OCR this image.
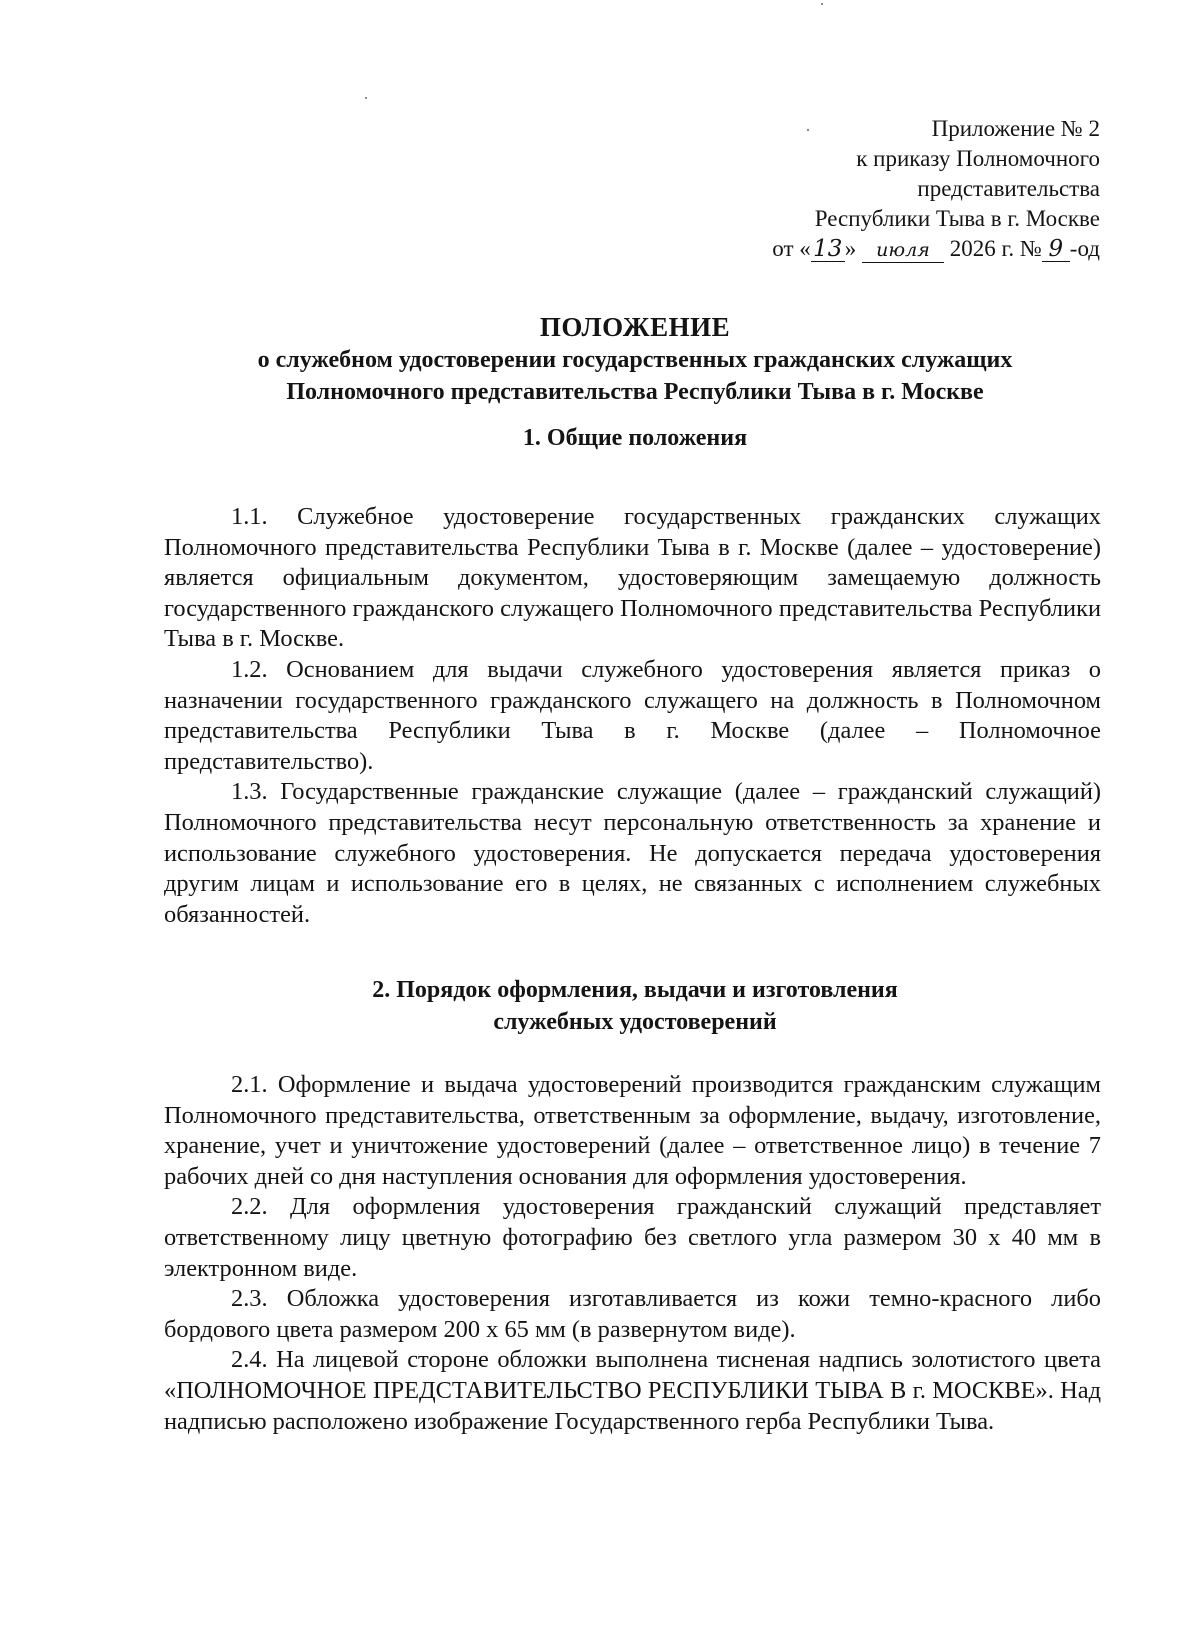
Приложение № 2
к приказу Полномочного
представительства
Республики Тыва в г. Москве
от « 13 » июля 2026 г. № 9 -од
ПОЛОЖЕНИЕ
о служебном удостоверении государственных гражданских служащих
Полномочного представительства Республики Тыва в г. Москве
1. Общие положения

1.1. Служебное удостоверение государственных гражданских служащих Полномочного представительства Республики Тыва в г. Москве (далее – удостоверение) является официальным документом, удостоверяющим замещаемую должность государственного гражданского служащего Полномочного представительства Республики Тыва в г. Москве.

1.2. Основанием для выдачи служебного удостоверения является приказ о назначении государственного гражданского служащего на должность в Полномочном представительства Республики Тыва в г. Москве (далее – Полномочное представительство).

1.3. Государственные гражданские служащие (далее – гражданский служащий) Полномочного представительства несут персональную ответственность за хранение и использование служебного удостоверения. Не допускается передача удостоверения другим лицам и использование его в целях, не связанных с исполнением служебных обязанностей.

2. Порядок оформления, выдачи и изготовления
служебных удостоверений

2.1. Оформление и выдача удостоверений производится гражданским служащим Полномочного представительства, ответственным за оформление, выдачу, изготовление, хранение, учет и уничтожение удостоверений (далее – ответственное лицо) в течение 7 рабочих дней со дня наступления основания для оформления удостоверения.

2.2. Для оформления удостоверения гражданский служащий представляет ответственному лицу цветную фотографию без светлого угла размером 30 х 40 мм в электронном виде.

2.3. Обложка удостоверения изготавливается из кожи темно-красного либо бордового цвета размером 200 х 65 мм (в развернутом виде).

2.4. На лицевой стороне обложки выполнена тисненая надпись золотистого цвета «ПОЛНОМОЧНОЕ ПРЕДСТАВИТЕЛЬСТВО РЕСПУБЛИКИ ТЫВА В г. МОСКВЕ». Над надписью расположено изображение Государственного герба Республики Тыва.
